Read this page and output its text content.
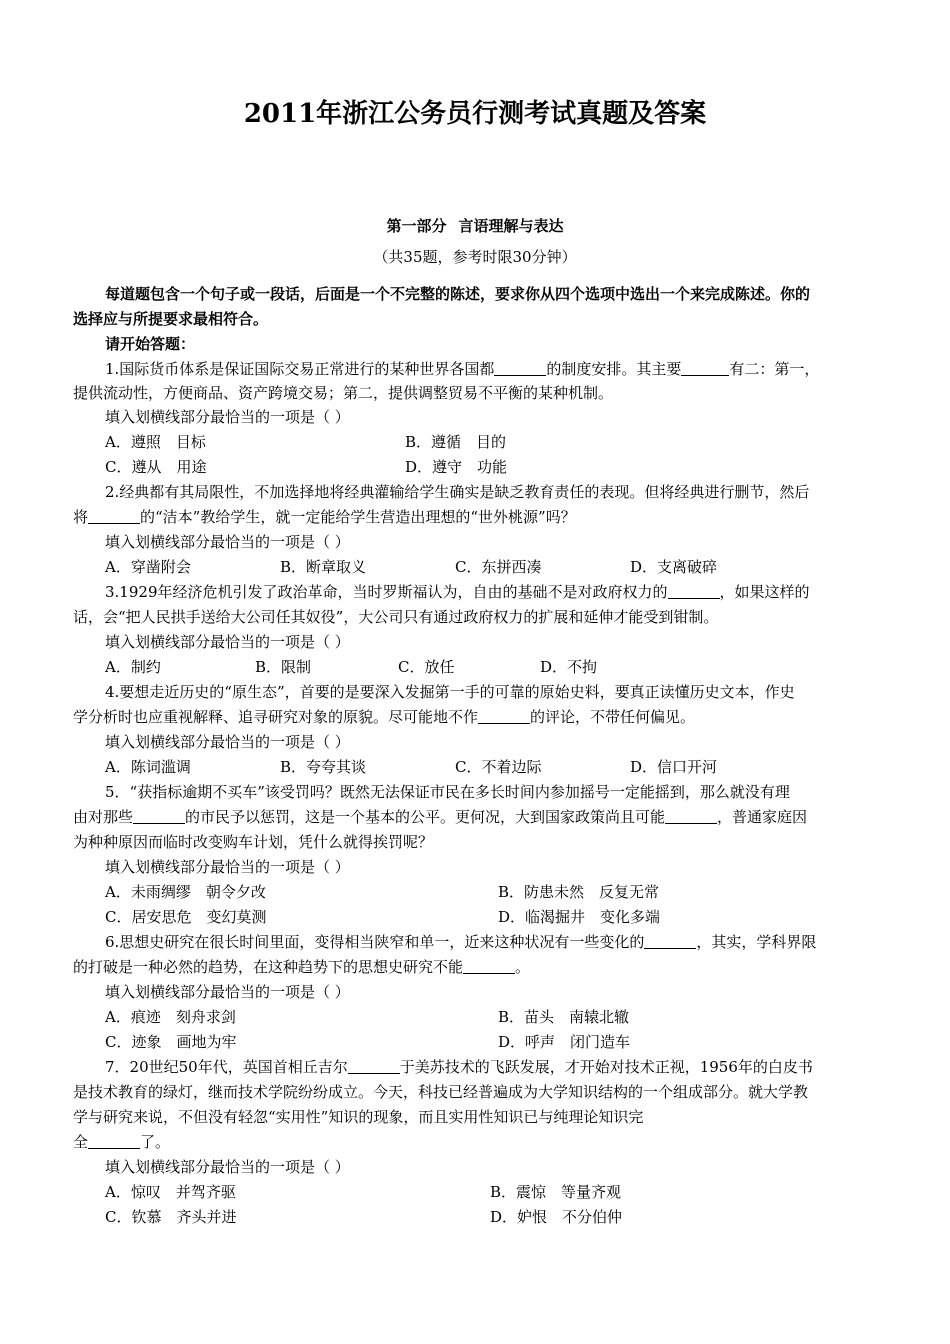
2011年浙江公务员行测考试真题及答案
第一部分 言语理解与表达
（共35题，参考时限30分钟）
每道题包含一个句子或一段话，后面是一个不完整的陈述，要求你从四个选项中选出一个来完成陈述。你的
选择应与所提要求最相符合。
请开始答题：
1.国际货币体系是保证国际交易正常进行的某种世界各国都	的制度安排。其主要	有二：第一，
提供流动性，方便商品、资产跨境交易；第二，提供调整贸易不平衡的某种机制。
填入划横线部分最恰当的一项是（ ）
A．遵照　目标	B．遵循　目的
C．遵从　用途	D．遵守　功能
2.经典都有其局限性，不加选择地将经典灌输给学生确实是缺乏教育责任的表现。但将经典进行删节，然后
将	的“洁本”教给学生，就一定能给学生营造出理想的“世外桃源”吗？
填入划横线部分最恰当的一项是（ ）
A．穿凿附会	B．断章取义	C．东拼西凑	D．支离破碎
3.1929年经济危机引发了政治革命，当时罗斯福认为，自由的基础不是对政府权力的	，如果这样的
话，会“把人民拱手送给大公司任其奴役”，大公司只有通过政府权力的扩展和延伸才能受到钳制。
填入划横线部分最恰当的一项是（ ）
A．制约	B．限制	C．放任	D．不拘
4.要想走近历史的“原生态”，首要的是要深入发掘第一手的可靠的原始史料，要真正读懂历史文本，作史
学分析时也应重视解释、追寻研究对象的原貌。尽可能地不作	的评论，不带任何偏见。
填入划横线部分最恰当的一项是（ ）
A．陈词滥调	B．夸夸其谈	C．不着边际	D．信口开河
5．“获指标逾期不买车”该受罚吗？既然无法保证市民在多长时间内参加摇号一定能摇到，那么就没有理
由对那些	的市民予以惩罚，这是一个基本的公平。更何况，大到国家政策尚且可能	，普通家庭因
为种种原因而临时改变购车计划，凭什么就得挨罚呢？
填入划横线部分最恰当的一项是（ ）
A．未雨绸缪　朝令夕改	B．防患未然　反复无常
C．居安思危　变幻莫测	D．临渴掘井　变化多端
6.思想史研究在很长时间里面，变得相当陕窄和单一，近来这种状况有一些变化的	，其实，学科界限
的打破是一种必然的趋势，在这种趋势下的思想史研究不能	。
填入划横线部分最恰当的一项是（ ）
A．痕迹　刻舟求剑	B．苗头　南辕北辙
C．迹象　画地为牢	D．呼声　闭门造车
7．20世纪50年代，英国首相丘吉尔	于美苏技术的飞跃发展，才开始对技术正视，1956年的白皮书
是技术教育的绿灯，继而技术学院纷纷成立。今天，科技已经普遍成为大学知识结构的一个组成部分。就大学教
学与研究来说，不但没有轻忽“实用性”知识的现象，而且实用性知识已与纯理论知识完
全	了。
填入划横线部分最恰当的一项是（ ）
A．惊叹　并驾齐驱	B．震惊　等量齐观
C．钦慕　齐头并进	D．妒恨　不分伯仲
